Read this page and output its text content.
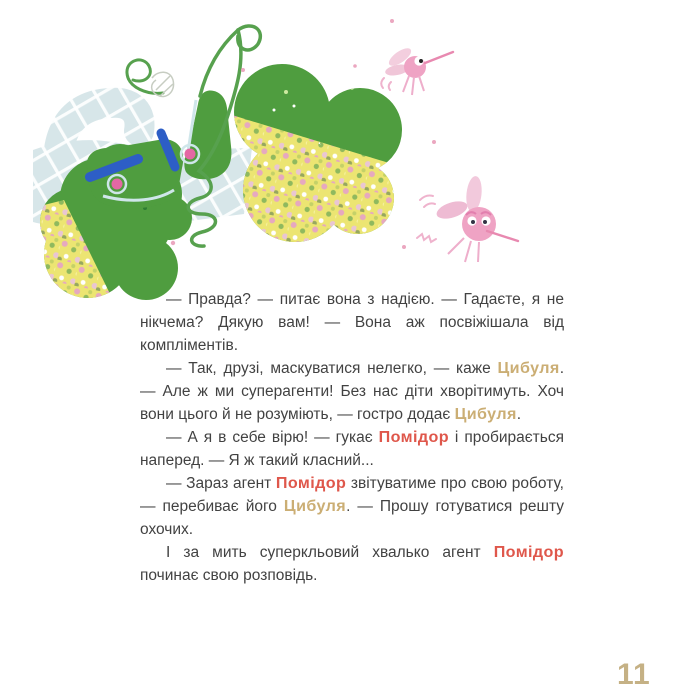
— Правда? — питає вона з надією. — Гадаєте, я не нікчема? Дякую вам! — Вона аж посвіжішала від компліментів.

— Так, друзі, маскуватися нелегко, — каже Цибуля. — Але ж ми суперагенти! Без нас діти хворітимуть. Хоч вони цього й не розуміють, — гостро додає Цибуля.

— А я в себе вірю! — гукає Помідор і пробирається наперед. — Я ж такий класний...

— Зараз агент Помідор звітуватиме про свою роботу, — перебиває його Цибуля. — Прошу готуватися решту охочих.

І за мить суперкльовий хвалько агент Помідор починає свою розповідь.

11
